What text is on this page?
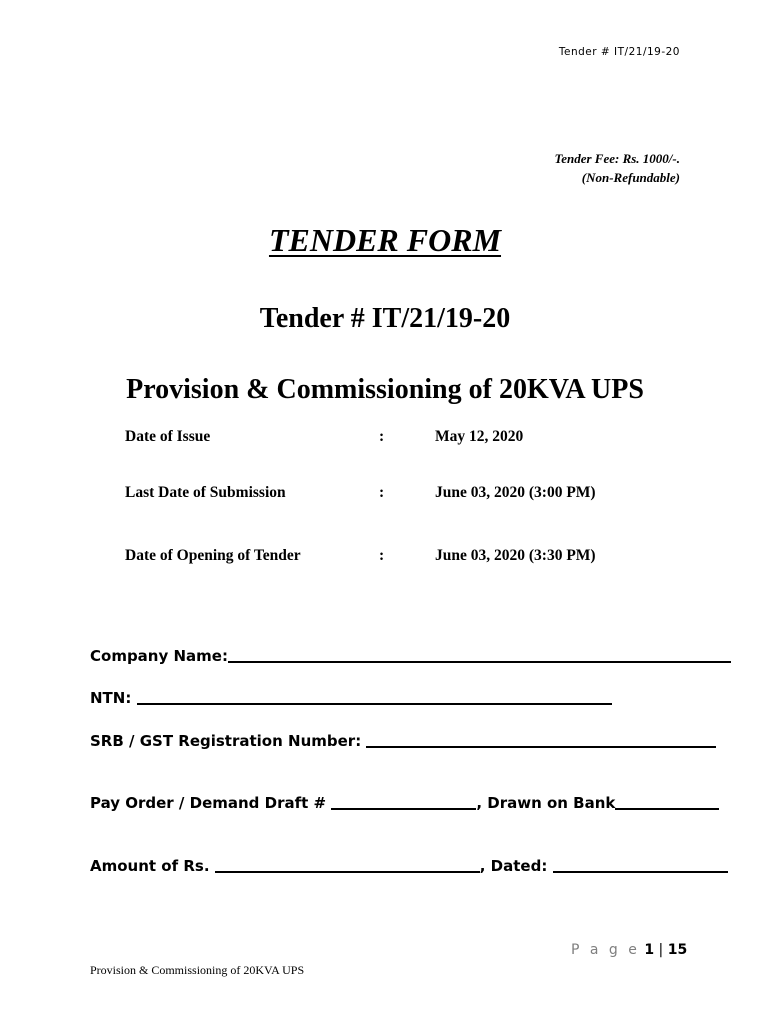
Tender # IT/21/19-20
Tender Fee: Rs. 1000/-.
(Non-Refundable)
TENDER FORM
Tender # IT/21/19-20
Provision & Commissioning of 20KVA UPS
Date of Issue	:	May 12, 2020
Last Date of Submission	:	June 03, 2020 (3:00 PM)
Date of Opening of Tender	:	June 03, 2020 (3:30 PM)
Company Name:
NTN:
SRB / GST Registration Number:
Pay Order / Demand Draft #	, Drawn on Bank
Amount of Rs.	, Dated:
P a g e 1 | 15
Provision & Commissioning of 20KVA UPS
